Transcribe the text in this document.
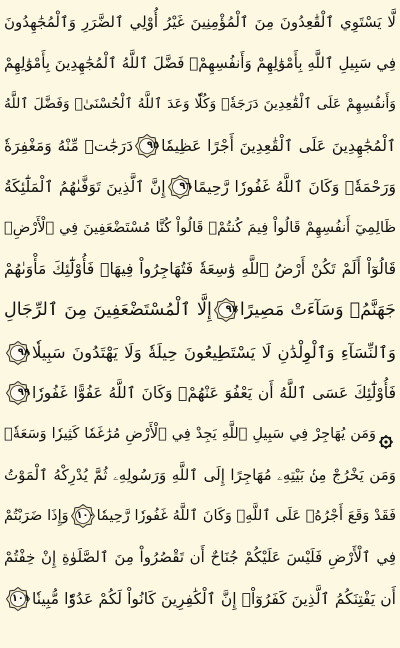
لَّا يَسْتَوِي ٱلْقَٰعِدُونَ مِنَ ٱلْمُؤْمِنِينَ غَيْرُ أُوْلِي ٱلضَّرَرِ وَٱلْمُجَٰهِدُونَ
فِي سَبِيلِ ٱللَّهِ بِأَمْوَٰلِهِمْ وَأَنفُسِهِمْۚ فَضَّلَ ٱللَّهُ ٱلْمُجَٰهِدِينَ بِأَمْوَٰلِهِمْ
وَأَنفُسِهِمْ عَلَى ٱلْقَٰعِدِينَ دَرَجَةٗۚ وَكُلّٗا وَعَدَ ٱللَّهُ ٱلْحُسْنَىٰۚ وَفَضَّلَ ٱللَّهُ
ٱلْمُجَٰهِدِينَ عَلَى ٱلْقَٰعِدِينَ أَجْرًا عَظِيمٗا
٩٥
دَرَجَٰتٖ مِّنْهُ وَمَغْفِرَةٗ
وَرَحْمَةٗۚ وَكَانَ ٱللَّهُ غَفُورٗا رَّحِيمًا
٩٦
إِنَّ ٱلَّذِينَ تَوَفَّىٰهُمُ ٱلْمَلَٰٓئِكَةُ
ظَالِمِيٓ أَنفُسِهِمْ قَالُواْ فِيمَ كُنتُمْۖ قَالُواْ كُنَّا مُسْتَضْعَفِينَ فِي ٱلْأَرْضِۚ
قَالُوٓاْ أَلَمْ تَكُنْ أَرْضُ ٱللَّهِ وَٰسِعَةٗ فَتُهَاجِرُواْ فِيهَاۚ فَأُوْلَٰٓئِكَ مَأْوَىٰهُمْ
جَهَنَّمُۖ وَسَآءَتْ مَصِيرًا
٩٧
إِلَّا ٱلْمُسْتَضْعَفِينَ مِنَ ٱلرِّجَالِ
وَٱلنِّسَآءِ وَٱلْوِلْدَٰنِ لَا يَسْتَطِيعُونَ حِيلَةٗ وَلَا يَهْتَدُونَ سَبِيلٗا
٩٨
فَأُوْلَٰٓئِكَ عَسَى ٱللَّهُ أَن يَعْفُوَ عَنْهُمْۚ وَكَانَ ٱللَّهُ عَفُوًّا غَفُورٗا
٩٩
وَمَن يُهَاجِرْ فِي سَبِيلِ ٱللَّهِ يَجِدْ فِي ٱلْأَرْضِ مُرَٰغَمٗا كَثِيرٗا وَسَعَةٗۚ
وَمَن يَخْرُجْ مِنۢ بَيْتِهِۦ مُهَاجِرًا إِلَى ٱللَّهِ وَرَسُولِهِۦ ثُمَّ يُدْرِكْهُ ٱلْمَوْتُ
فَقَدْ وَقَعَ أَجْرُهُۥ عَلَى ٱللَّهِۗ وَكَانَ ٱللَّهُ غَفُورٗا رَّحِيمٗا
١٠٠
وَإِذَا ضَرَبْتُمْ
فِي ٱلْأَرْضِ فَلَيْسَ عَلَيْكُمْ جُنَاحٌ أَن تَقْصُرُواْ مِنَ ٱلصَّلَوٰةِ إِنْ خِفْتُمْ
أَن يَفْتِنَكُمُ ٱلَّذِينَ كَفَرُوٓاْۚ إِنَّ ٱلْكَٰفِرِينَ كَانُواْ لَكُمْ عَدُوّٗا مُّبِينٗا
١٠١
